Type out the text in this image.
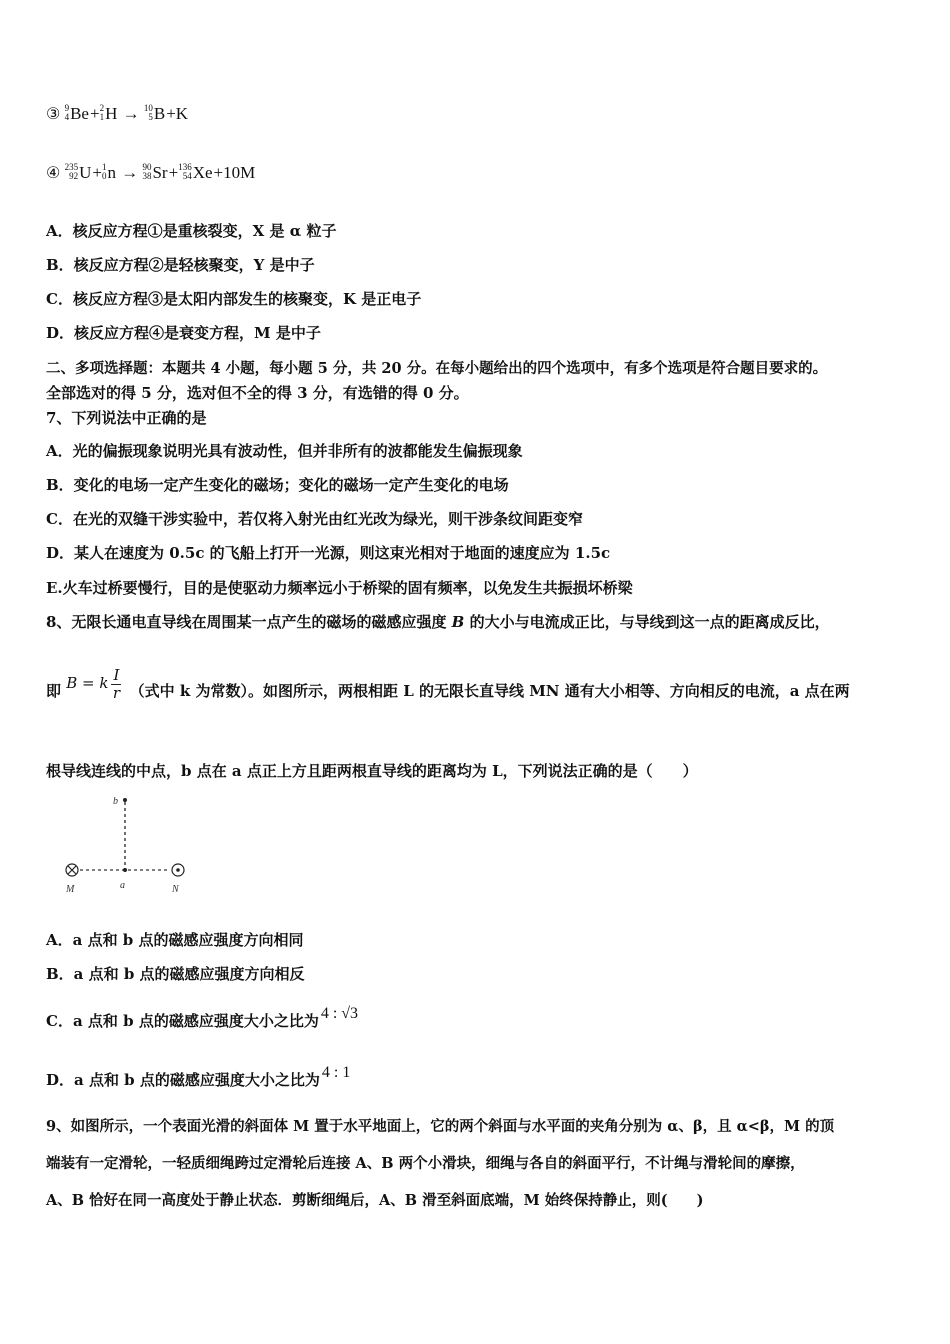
③ 9
4 Be+ 2
1 H → 10
5 B+K
④ 235
92 U+ 1
0 n → 90
38 Sr+ 136
54 Xe+10M
A．核反应方程①是重核裂变，X 是 α 粒子
B．核反应方程②是轻核聚变，Y 是中子
C．核反应方程③是太阳内部发生的核聚变，K 是正电子
D．核反应方程④是衰变方程，M 是中子
二、多项选择题：本题共 4 小题，每小题 5 分，共 20 分。在每小题给出的四个选项中，有多个选项是符合题目要求的。
全部选对的得 5 分，选对但不全的得 3 分，有选错的得 0 分。
7、下列说法中正确的是
A．光的偏振现象说明光具有波动性，但并非所有的波都能发生偏振现象
B．变化的电场一定产生变化的磁场；变化的磁场一定产生变化的电场
C．在光的双缝干涉实验中，若仅将入射光由红光改为绿光，则干涉条纹间距变窄
D．某人在速度为 0.5c 的飞船上打开一光源，则这束光相对于地面的速度应为 1.5c
E.火车过桥要慢行，目的是使驱动力频率远小于桥梁的固有频率，以免发生共振损坏桥梁
8、无限长通电直导线在周围某一点产生的磁场的磁感应强度 B 的大小与电流成正比，与导线到这一点的距离成反比，
即 B = k $\frac{I}{r}$ （式中 k 为常数）。如图所示，两根相距 L 的无限长直导线 MN 通有大小相等、方向相反的电流，a 点在两
根导线连线的中点，b 点在 a 点正上方且距两根直导线的距离均为 L，下列说法正确的是（　　）
b
a
M	N
A．a 点和 b 点的磁感应强度方向相同
B．a 点和 b 点的磁感应强度方向相反
C．a 点和 b 点的磁感应强度大小之比为 4 : √3
D．a 点和 b 点的磁感应强度大小之比为 4 : 1
9、如图所示，一个表面光滑的斜面体 M 置于水平地面上，它的两个斜面与水平面的夹角分别为 α、β，且 α<β，M 的顶
端装有一定滑轮，一轻质细绳跨过定滑轮后连接 A、B 两个小滑块，细绳与各自的斜面平行，不计绳与滑轮间的摩擦，
A、B 恰好在同一高度处于静止状态．剪断细绳后，A、B 滑至斜面底端，M 始终保持静止，则(　　)
